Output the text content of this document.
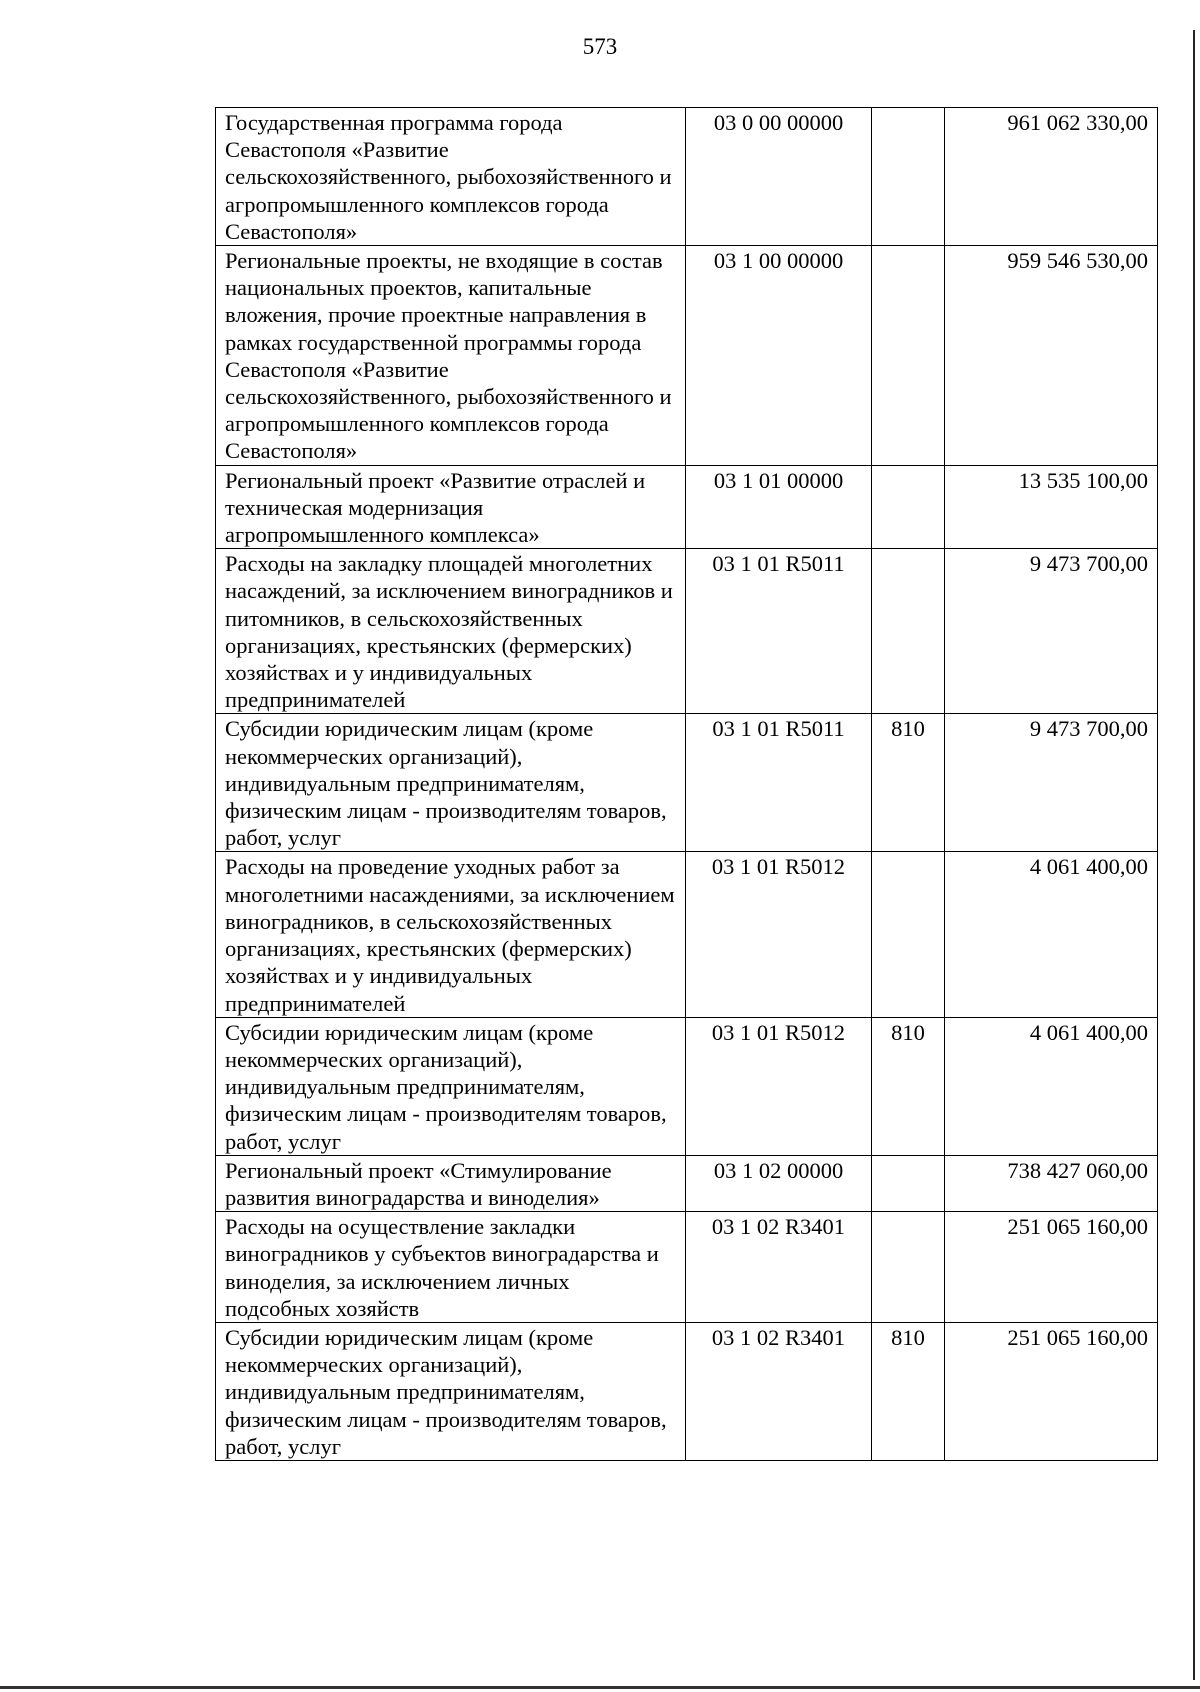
573
Государственная программа города Севастополя «Развитие сельскохозяйственного, рыбохозяйственного и агропромышленного комплексов города Севастополя»	03 0 00 00000		961 062 330,00
Региональные проекты, не входящие в состав национальных проектов, капитальные вложения, прочие проектные направления в рамках государственной программы города Севастополя «Развитие сельскохозяйственного, рыбохозяйственного и агропромышленного комплексов города Севастополя»	03 1 00 00000		959 546 530,00
Региональный проект «Развитие отраслей и техническая модернизация агропромышленного комплекса»	03 1 01 00000		13 535 100,00
Расходы на закладку площадей многолетних насаждений, за исключением виноградников и питомников, в сельскохозяйственных организациях, крестьянских (фермерских) хозяйствах и у индивидуальных предпринимателей	03 1 01 R5011		9 473 700,00
Субсидии юридическим лицам (кроме некоммерческих организаций), индивидуальным предпринимателям, физическим лицам - производителям товаров, работ, услуг	03 1 01 R5011	810	9 473 700,00
Расходы на проведение уходных работ за многолетними насаждениями, за исключением виноградников, в сельскохозяйственных организациях, крестьянских (фермерских) хозяйствах и у индивидуальных предпринимателей	03 1 01 R5012		4 061 400,00
Субсидии юридическим лицам (кроме некоммерческих организаций), индивидуальным предпринимателям, физическим лицам - производителям товаров, работ, услуг	03 1 01 R5012	810	4 061 400,00
Региональный проект «Стимулирование развития виноградарства и виноделия»	03 1 02 00000		738 427 060,00
Расходы на осуществление закладки виноградников у субъектов виноградарства и виноделия, за исключением личных подсобных хозяйств	03 1 02 R3401		251 065 160,00
Субсидии юридическим лицам (кроме некоммерческих организаций), индивидуальным предпринимателям, физическим лицам - производителям товаров, работ, услуг	03 1 02 R3401	810	251 065 160,00
